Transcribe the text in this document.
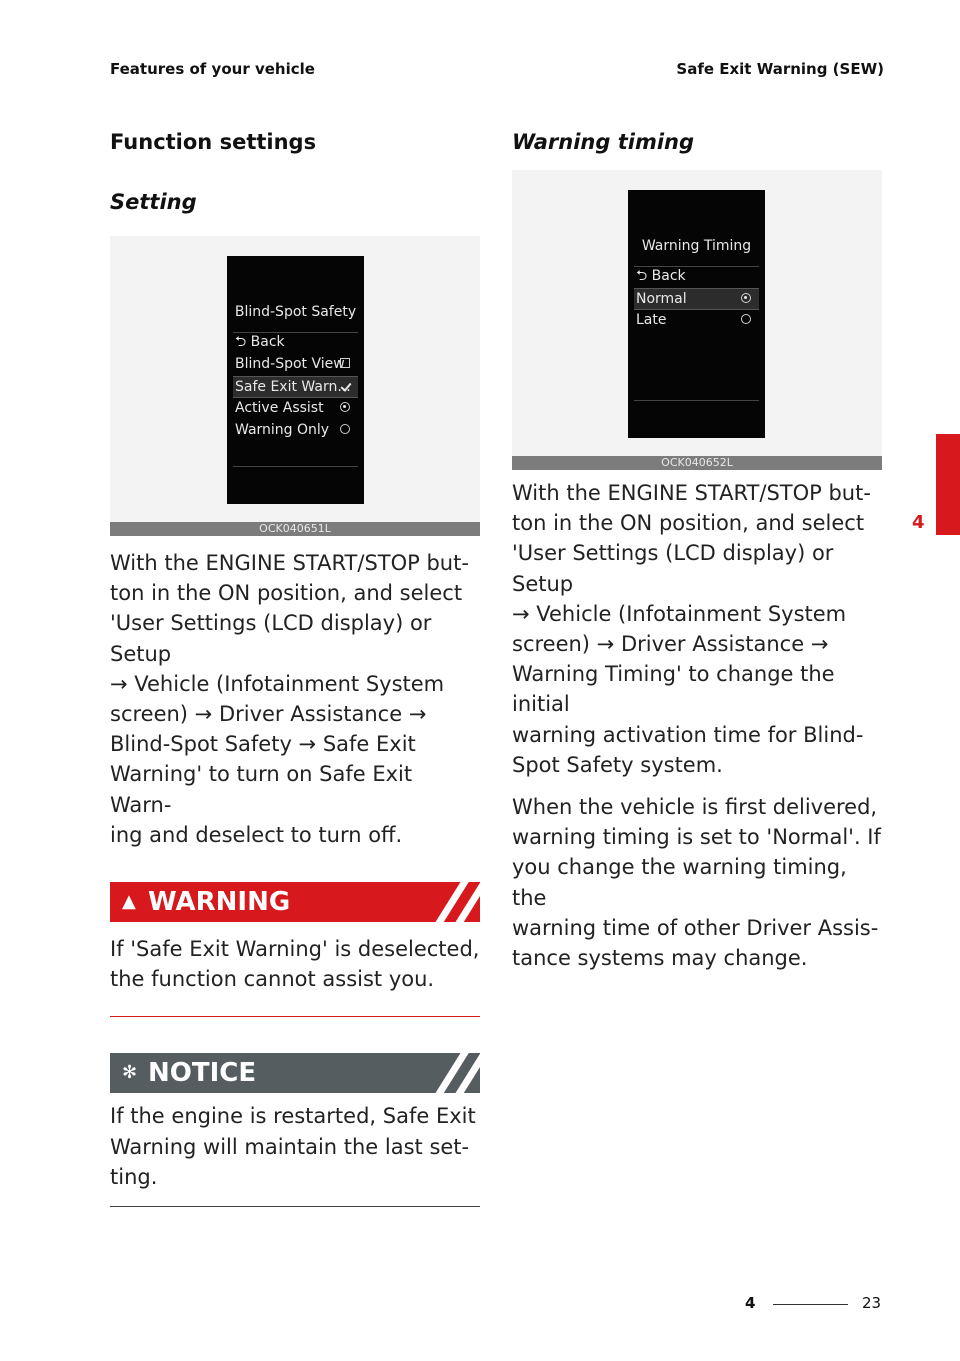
Features of your vehicle	Safe Exit Warning (SEW)
Function settings
Setting
Blind-Spot Safety
⮌ Back
Blind-Spot View
Safe Exit Warn...
Active Assist
Warning Only
OCK040651L

With the ENGINE START/STOP but-

ton in the ON position, and select

'User Settings (LCD display) or Setup

→ Vehicle (Infotainment System

screen) → Driver Assistance →

Blind-Spot Safety → Safe Exit

Warning' to turn on Safe Exit Warn-

ing and deselect to turn off.

▲ WARNING

If 'Safe Exit Warning' is deselected,

the function cannot assist you.

✻ NOTICE

If the engine is restarted, Safe Exit

Warning will maintain the last set-

ting.

Warning timing
Warning Timing
⮌ Back
Normal
Late
OCK040652L

With the ENGINE START/STOP but-

ton in the ON position, and select

'User Settings (LCD display) or Setup

→ Vehicle (Infotainment System

screen) → Driver Assistance →

Warning Timing' to change the initial

warning activation time for Blind-

Spot Safety system.

When the vehicle is first delivered,

warning timing is set to 'Normal'. If

you change the warning timing, the

warning time of other Driver Assis-

tance systems may change.

4
4	23
